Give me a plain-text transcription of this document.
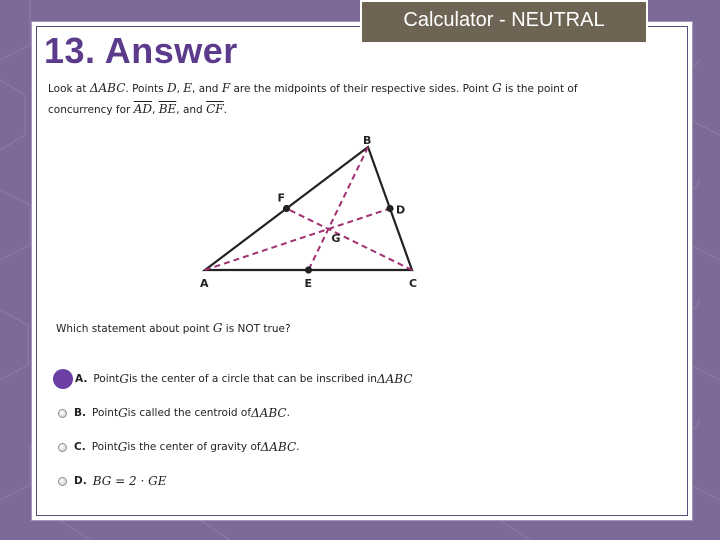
13. Answer
Calculator - NEUTRAL
Look at ΔABC. Points D, E, and F are the midpoints of their respective sides. Point G is the point of
concurrency for $\overline{AD}$, $\overline{BE}$, and $\overline{CF}$.
A
B
C
D
E
F
G
Which statement about point G is NOT true?
A. Point G is the center of a circle that can be inscribed in ΔABC
B. Point G is called the centroid of ΔABC .
C. Point G is the center of gravity of ΔABC .
D. BG = 2 · GE
